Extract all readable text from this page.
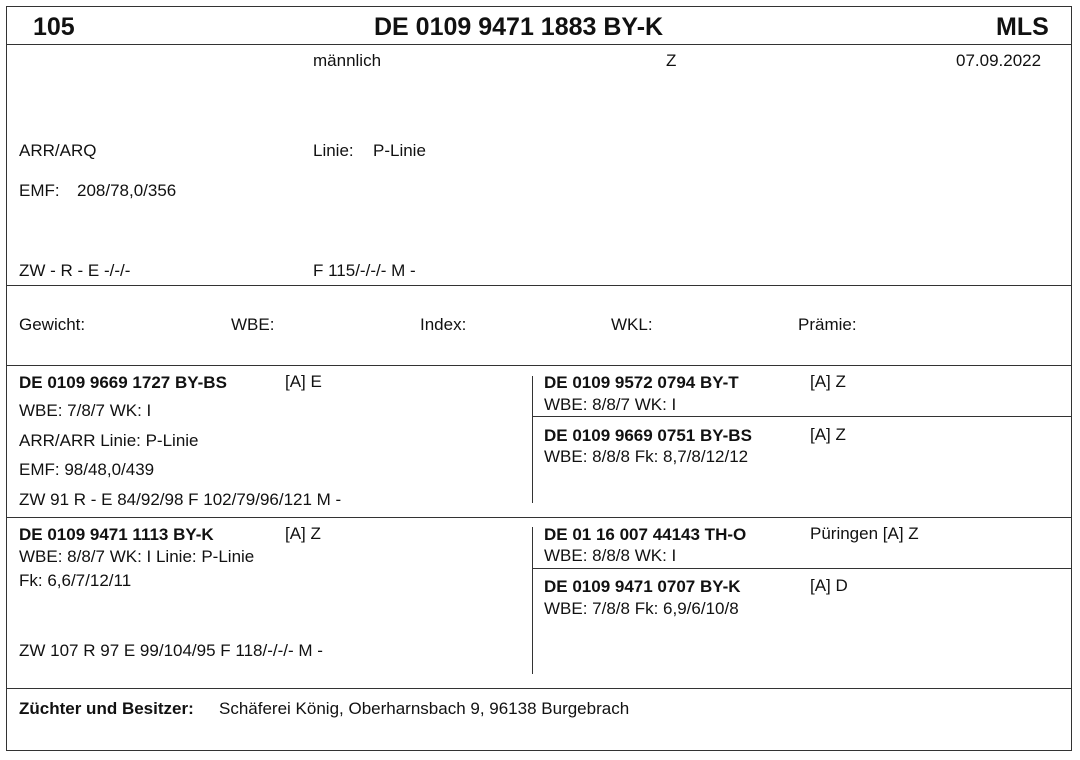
105	DE 0109 9471 1883 BY-K	MLS
männlich	Z	07.09.2022
ARR/ARQ	Linie: P-Linie
EMF: 208/78,0/356
ZW - R - E -/-/-	F 115/-/-/- M -
Gewicht:	WBE:	Index:	WKL:	Prämie:
DE 0109 9669 1727 BY-BS	[A] E
WBE: 7/8/7 WK: I
ARR/ARR Linie: P-Linie
EMF: 98/48,0/439
ZW 91 R - E 84/92/98 F 102/79/96/121 M -
DE 0109 9572 0794 BY-T	[A] Z
WBE: 8/8/7 WK: I
DE 0109 9669 0751 BY-BS	[A] Z
WBE: 8/8/8 Fk: 8,7/8/12/12
DE 0109 9471 1113 BY-K	[A] Z
WBE: 8/8/7 WK: I Linie: P-Linie
Fk: 6,6/7/12/11
ZW 107 R 97 E 99/104/95 F 118/-/-/- M -
DE 01 16 007 44143 TH-O	Püringen [A] Z
WBE: 8/8/8 WK: I
DE 0109 9471 0707 BY-K	[A] D
WBE: 7/8/8 Fk: 6,9/6/10/8
Züchter und Besitzer: Schäferei König, Oberharnsbach 9, 96138 Burgebrach
